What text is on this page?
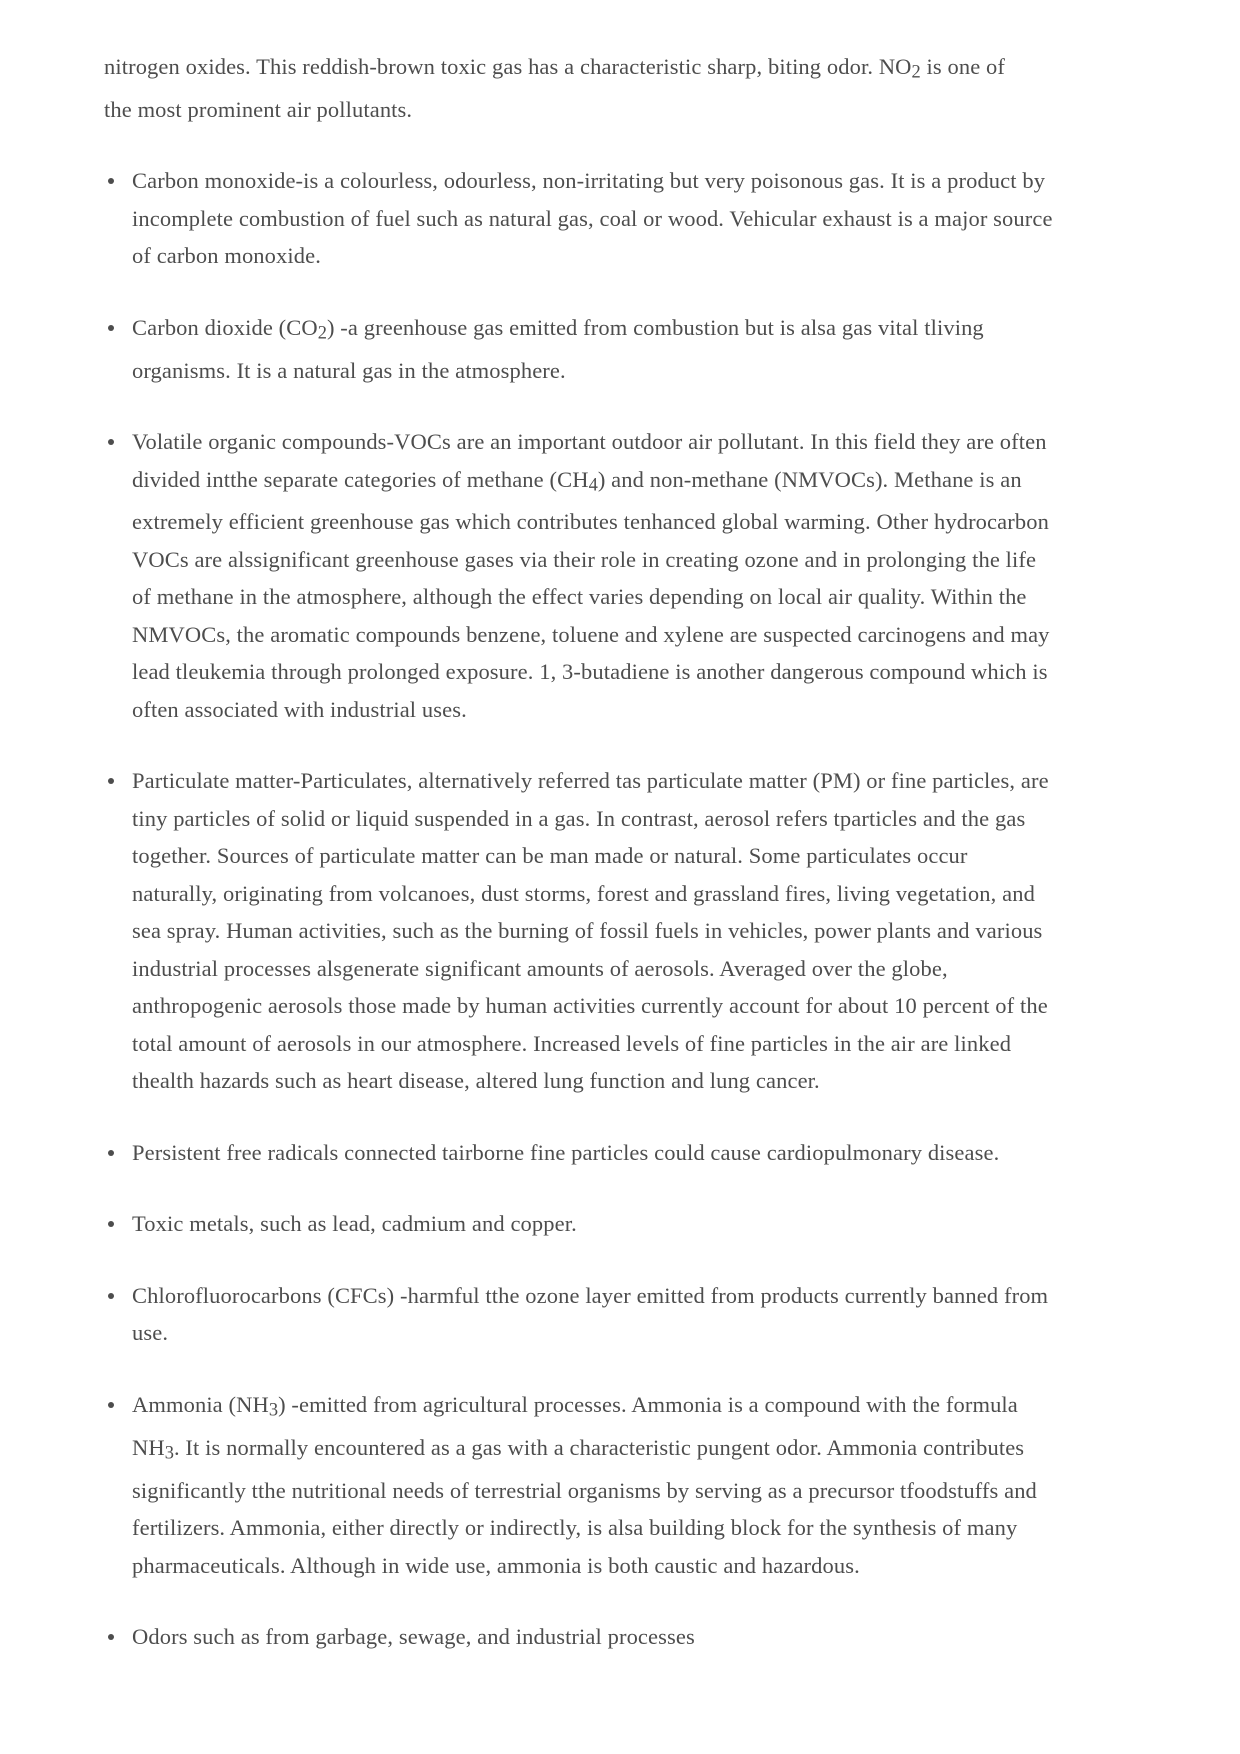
nitrogen oxides. This reddish-brown toxic gas has a characteristic sharp, biting odor. NO2 is one of the most prominent air pollutants.

Carbon monoxide-is a colourless, odourless, non-irritating but very poisonous gas. It is a product by incomplete combustion of fuel such as natural gas, coal or wood. Vehicular exhaust is a major source of carbon monoxide.
Carbon dioxide (CO2) -a greenhouse gas emitted from combustion but is alsa gas vital tliving organisms. It is a natural gas in the atmosphere.
Volatile organic compounds-VOCs are an important outdoor air pollutant. In this field they are often divided intthe separate categories of methane (CH4) and non-methane (NMVOCs). Methane is an extremely efficient greenhouse gas which contributes tenhanced global warming. Other hydrocarbon VOCs are alssignificant greenhouse gases via their role in creating ozone and in prolonging the life of methane in the atmosphere, although the effect varies depending on local air quality. Within the NMVOCs, the aromatic compounds benzene, toluene and xylene are suspected carcinogens and may lead tleukemia through prolonged exposure. 1, 3-butadiene is another dangerous compound which is often associated with industrial uses.
Particulate matter-Particulates, alternatively referred tas particulate matter (PM) or fine particles, are tiny particles of solid or liquid suspended in a gas. In contrast, aerosol refers tparticles and the gas together. Sources of particulate matter can be man made or natural. Some particulates occur naturally, originating from volcanoes, dust storms, forest and grassland fires, living vegetation, and sea spray. Human activities, such as the burning of fossil fuels in vehicles, power plants and various industrial processes alsgenerate significant amounts of aerosols. Averaged over the globe, anthropogenic aerosols those made by human activities currently account for about 10 percent of the total amount of aerosols in our atmosphere. Increased levels of fine particles in the air are linked thealth hazards such as heart disease, altered lung function and lung cancer.
Persistent free radicals connected tairborne fine particles could cause cardiopulmonary disease.
Toxic metals, such as lead, cadmium and copper.
Chlorofluorocarbons (CFCs) -harmful tthe ozone layer emitted from products currently banned from use.
Ammonia (NH3) -emitted from agricultural processes. Ammonia is a compound with the formula NH3. It is normally encountered as a gas with a characteristic pungent odor. Ammonia contributes significantly tthe nutritional needs of terrestrial organisms by serving as a precursor tfoodstuffs and fertilizers. Ammonia, either directly or indirectly, is alsa building block for the synthesis of many pharmaceuticals. Although in wide use, ammonia is both caustic and hazardous.
Odors such as from garbage, sewage, and industrial processes
